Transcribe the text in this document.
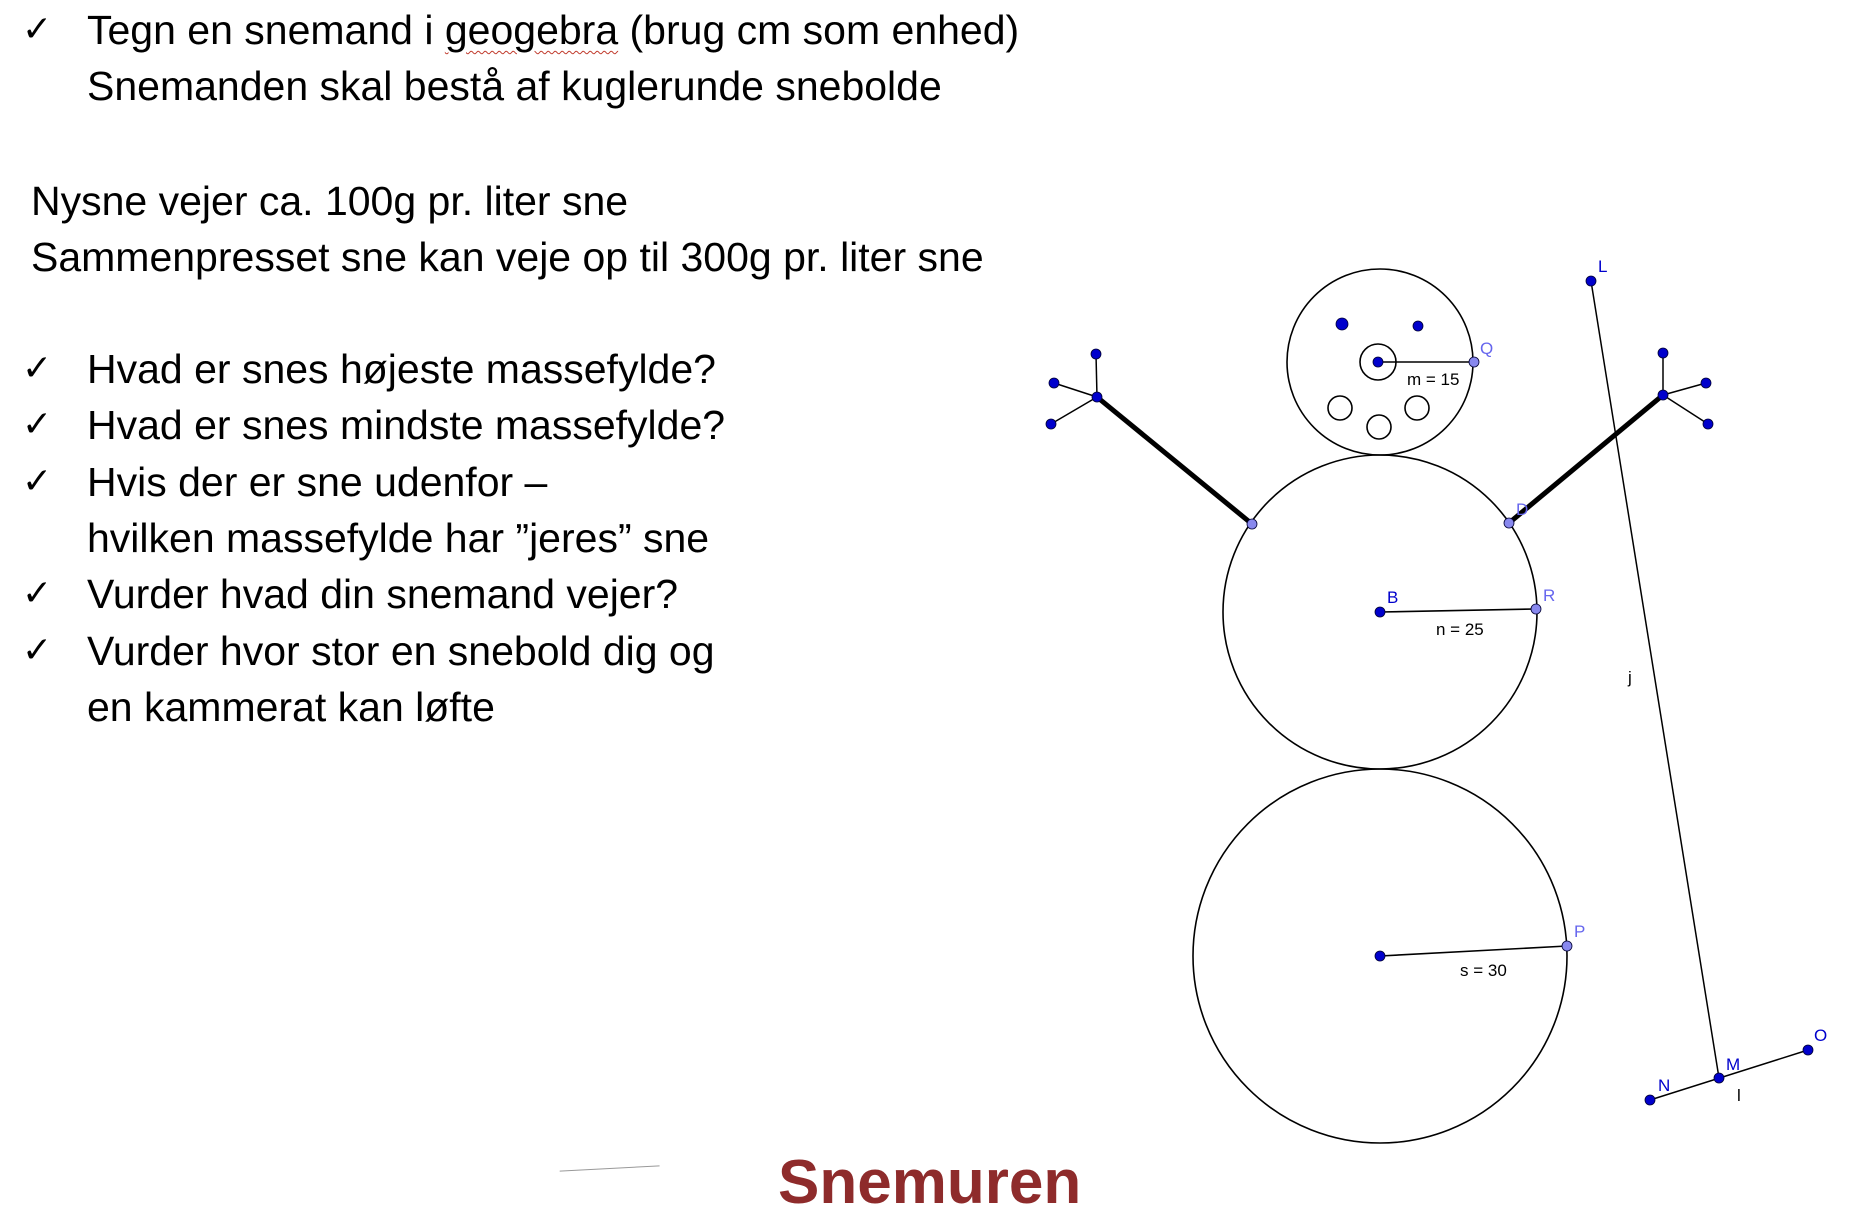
✓ Tegn en snemand i geogebra (brug cm som enhed)
Snemanden skal bestå af kuglerunde snebolde
Nysne vejer ca. 100g pr. liter sne
Sammenpresset sne kan veje op til 300g pr. liter sne
✓ Hvad er snes højeste massefylde?
✓ Hvad er snes mindste massefylde?
✓ Hvis der er sne udenfor –
hvilken massefylde har ”jeres” sne
✓ Vurder hvad din snemand vejer?
✓ Vurder hvor stor en snebold dig og
en kammerat kan løfte
m = 15
n = 25
s = 30
Q
B	R
D
P
L
j
M
N
O
l
Snemuren
